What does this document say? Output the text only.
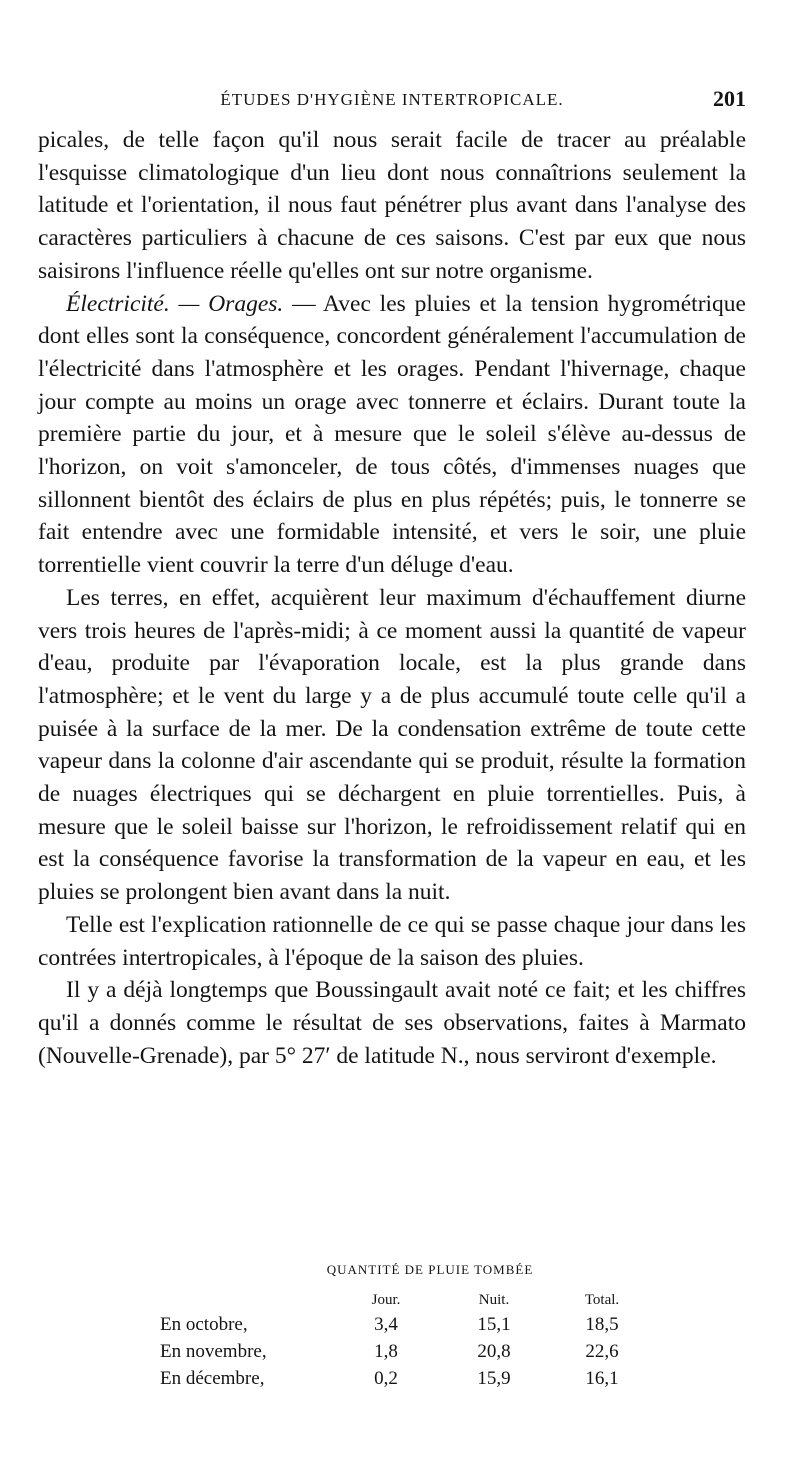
ÉTUDES D'HYGIÈNE INTERTROPICALE.	201

picales, de telle façon qu'il nous serait facile de tracer au préalable l'esquisse climatologique d'un lieu dont nous connaîtrions seulement la latitude et l'orientation, il nous faut pénétrer plus avant dans l'analyse des caractères particuliers à chacune de ces saisons. C'est par eux que nous saisirons l'influence réelle qu'elles ont sur notre organisme.

Électricité. — Orages. — Avec les pluies et la tension hygrométrique dont elles sont la conséquence, concordent généralement l'accumulation de l'électricité dans l'atmosphère et les orages. Pendant l'hivernage, chaque jour compte au moins un orage avec tonnerre et éclairs. Durant toute la première partie du jour, et à mesure que le soleil s'élève au-dessus de l'horizon, on voit s'amonceler, de tous côtés, d'immenses nuages que sillonnent bientôt des éclairs de plus en plus répétés; puis, le tonnerre se fait entendre avec une formidable intensité, et vers le soir, une pluie torrentielle vient couvrir la terre d'un déluge d'eau.

Les terres, en effet, acquièrent leur maximum d'échauffement diurne vers trois heures de l'après-midi; à ce moment aussi la quantité de vapeur d'eau, produite par l'évaporation locale, est la plus grande dans l'atmosphère; et le vent du large y a de plus accumulé toute celle qu'il a puisée à la surface de la mer. De la condensation extrême de toute cette vapeur dans la colonne d'air ascendante qui se produit, résulte la formation de nuages électriques qui se déchargent en pluie torrentielles. Puis, à mesure que le soleil baisse sur l'horizon, le refroidissement relatif qui en est la conséquence favorise la transformation de la vapeur en eau, et les pluies se prolongent bien avant dans la nuit.

Telle est l'explication rationnelle de ce qui se passe chaque jour dans les contrées intertropicales, à l'époque de la saison des pluies.

Il y a déjà longtemps que Boussingault avait noté ce fait; et les chiffres qu'il a donnés comme le résultat de ses observations, faites à Marmato (Nouvelle-Grenade), par 5° 27′ de latitude N., nous serviront d'exemple.

QUANTITÉ DE PLUIE TOMBÉE
	Jour.	Nuit.	Total.
En octobre,	3,4	15,1	18,5
En novembre,	1,8	20,8	22,6
En décembre,	0,2	15,9	16,1
